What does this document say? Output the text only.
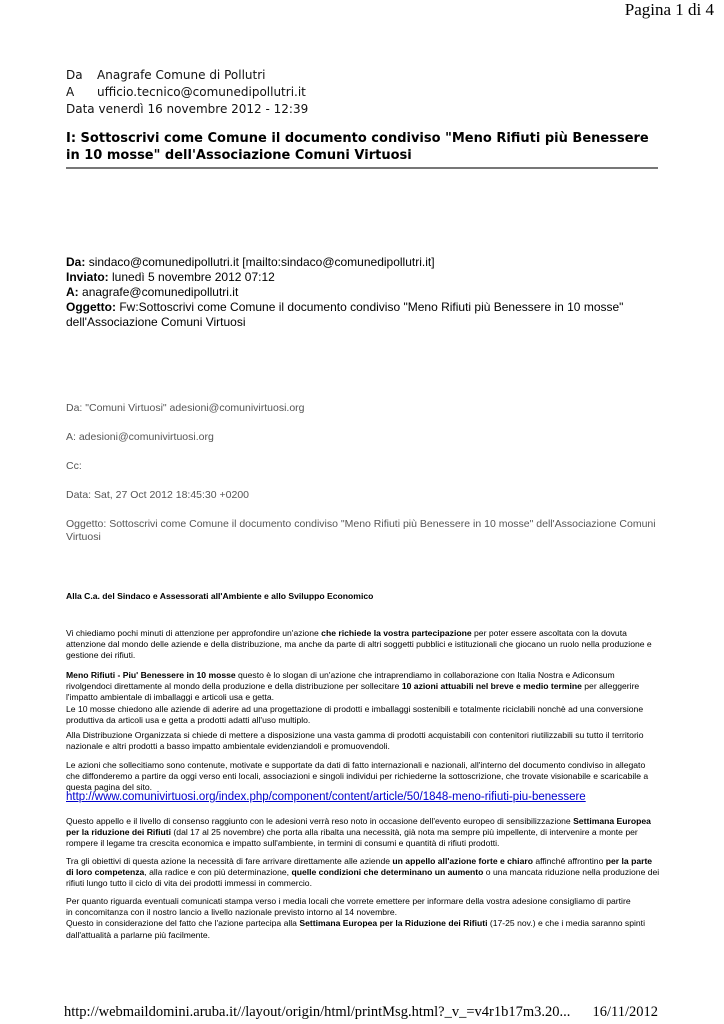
Pagina 1 di 4
Da Anagrafe Comune di Pollutri
A ufficio.tecnico@comunedipollutri.it
Data venerdì 16 novembre 2012 - 12:39
I: Sottoscrivi come Comune il documento condiviso "Meno Rifiuti più Benessere in 10 mosse" dell'Associazione Comuni Virtuosi
Da: sindaco@comunedipollutri.it [mailto:sindaco@comunedipollutri.it]
Inviato: lunedì 5 novembre 2012 07:12
A: anagrafe@comunedipollutri.it
Oggetto: Fw:Sottoscrivi come Comune il documento condiviso "Meno Rifiuti più Benessere in 10 mosse" dell'Associazione Comuni Virtuosi
Da: "Comuni Virtuosi" adesioni@comunivirtuosi.org
A: adesioni@comunivirtuosi.org
Cc:
Data: Sat, 27 Oct 2012 18:45:30 +0200
Oggetto: Sottoscrivi come Comune il documento condiviso "Meno Rifiuti più Benessere in 10 mosse" dell'Associazione Comuni Virtuosi
Alla C.a. del Sindaco e Assessorati all'Ambiente e allo Sviluppo Economico
Vi chiediamo pochi minuti di attenzione per approfondire un'azione che richiede la vostra partecipazione per poter essere ascoltata con la dovuta attenzione dal mondo delle aziende e della distribuzione, ma anche da parte di altri soggetti pubblici e istituzionali che giocano un ruolo nella produzione e gestione dei rifiuti.
Meno Rifiuti - Piu' Benessere in 10 mosse questo è lo slogan di un'azione che intraprendiamo in collaborazione con Italia Nostra e Adiconsum rivolgendoci direttamente al mondo della produzione e della distribuzione per sollecitare 10 azioni attuabili nel breve e medio termine per alleggerire l'impatto ambientale di imballaggi e articoli usa e getta.
Le 10 mosse chiedono alle aziende di aderire ad una progettazione di prodotti e imballaggi sostenibili e totalmente riciclabili nonchè ad una conversione produttiva da articoli usa e getta a prodotti adatti all'uso multiplo.
Alla Distribuzione Organizzata si chiede di mettere a disposizione una vasta gamma di prodotti acquistabili con contenitori riutilizzabili su tutto il territorio nazionale e altri prodotti a basso impatto ambientale evidenziandoli e promuovendoli.
Le azioni che sollecitiamo sono contenute, motivate e supportate da dati di fatto internazionali e nazionali, all'interno del documento condiviso in allegato che diffonderemo a partire da oggi verso enti locali, associazioni e singoli individui per richiederne la sottoscrizione, che trovate visionabile e scaricabile a questa pagina del sito.
http://www.comunivirtuosi.org/index.php/component/content/article/50/1848-meno-rifiuti-piu-benessere
Questo appello e il livello di consenso raggiunto con le adesioni verrà reso noto in occasione dell'evento europeo di sensibilizzazione Settimana Europea per la riduzione dei Rifiuti (dal 17 al 25 novembre) che porta alla ribalta una necessità, già nota ma sempre più impellente, di intervenire a monte per rompere il legame tra crescita economica e impatto sull'ambiente, in termini di consumi e quantità di rifiuti prodotti.
Tra gli obiettivi di questa azione la necessità di fare arrivare direttamente alle aziende un appello all'azione forte e chiaro affinché affrontino per la parte di loro competenza, alla radice e con più determinazione, quelle condizioni che determinano un aumento o una mancata riduzione nella produzione dei rifiuti lungo tutto il ciclo di vita dei prodotti immessi in commercio.
Per quanto riguarda eventuali comunicati stampa verso i media locali che vorrete emettere per informare della vostra adesione consigliamo di partire
in concomitanza con il nostro lancio a livello nazionale previsto intorno al 14 novembre.
Questo in considerazione del fatto che l'azione partecipa alla Settimana Europea per la Riduzione dei Rifiuti (17-25 nov.) e che i media saranno spinti dall'attualità a parlarne più facilmente.
http://webmaildomini.aruba.it//layout/origin/html/printMsg.html?_v_=v4r1b17m3.20... 16/11/2012
